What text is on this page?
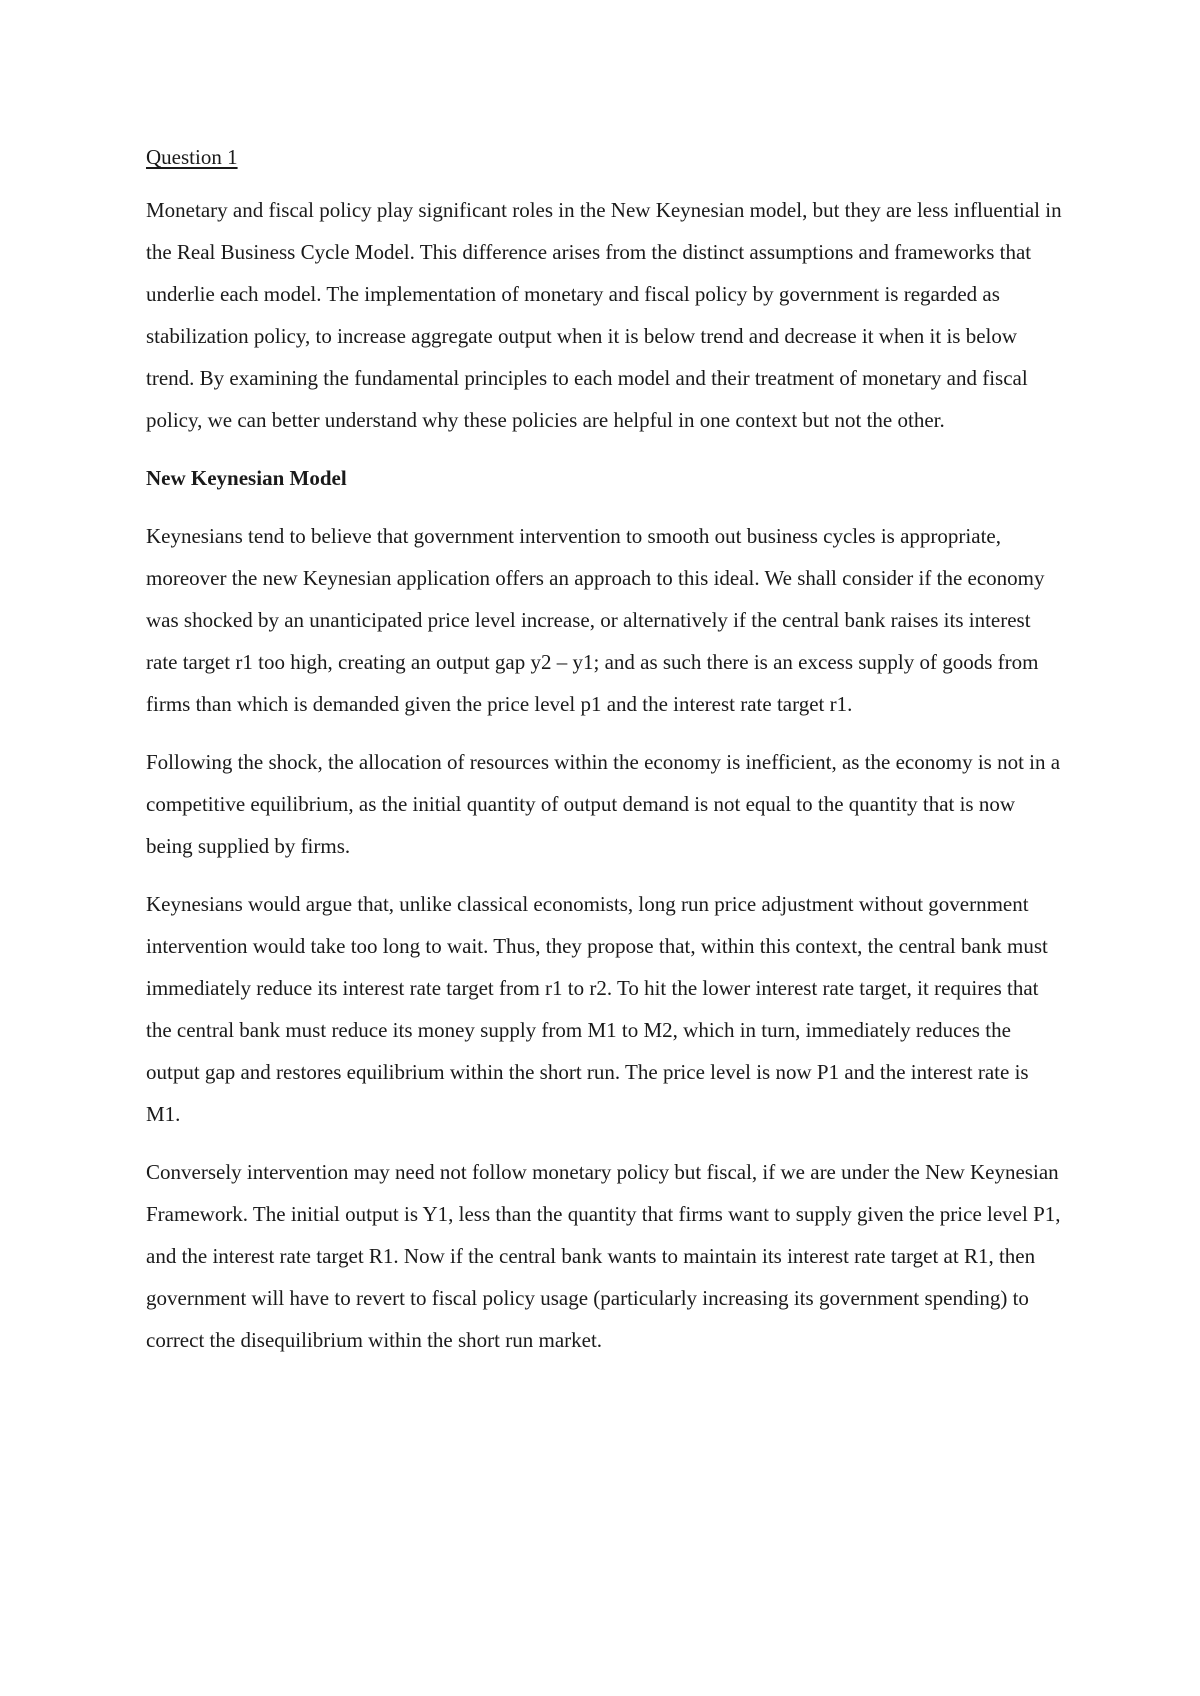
Question 1

Monetary and fiscal policy play significant roles in the New Keynesian model, but they are less influential in the Real Business Cycle Model. This difference arises from the distinct assumptions and frameworks that underlie each model. The implementation of monetary and fiscal policy by government is regarded as stabilization policy, to increase aggregate output when it is below trend and decrease it when it is below trend. By examining the fundamental principles to each model and their treatment of monetary and fiscal policy, we can better understand why these policies are helpful in one context but not the other.

New Keynesian Model

Keynesians tend to believe that government intervention to smooth out business cycles is appropriate, moreover the new Keynesian application offers an approach to this ideal. We shall consider if the economy was shocked by an unanticipated price level increase, or alternatively if the central bank raises its interest rate target r1 too high, creating an output gap y2 – y1; and as such there is an excess supply of goods from firms than which is demanded given the price level p1 and the interest rate target r1.

Following the shock, the allocation of resources within the economy is inefficient, as the economy is not in a competitive equilibrium, as the initial quantity of output demand is not equal to the quantity that is now being supplied by firms.

Keynesians would argue that, unlike classical economists, long run price adjustment without government intervention would take too long to wait. Thus, they propose that, within this context, the central bank must immediately reduce its interest rate target from r1 to r2. To hit the lower interest rate target, it requires that the central bank must reduce its money supply from M1 to M2, which in turn, immediately reduces the output gap and restores equilibrium within the short run. The price level is now P1 and the interest rate is M1.

Conversely intervention may need not follow monetary policy but fiscal, if we are under the New Keynesian Framework. The initial output is Y1, less than the quantity that firms want to supply given the price level P1, and the interest rate target R1. Now if the central bank wants to maintain its interest rate target at R1, then government will have to revert to fiscal policy usage (particularly increasing its government spending) to correct the disequilibrium within the short run market.
